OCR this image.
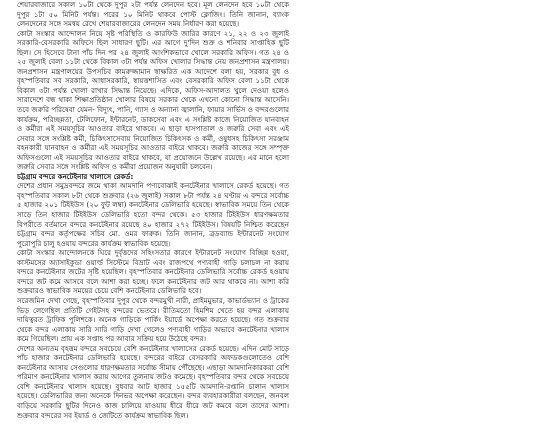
শেয়ারবাজারে সকাল ১০টা থেকে দুপুর ২টা পর্যন্ত লেনদেন হবে। মূল লেনদেন হবে ১০টা থেকে দুপুর ১টা ৫০ মিনিট পর্যন্ত। পরের ১০ মিনিট থাকবে পোস্ট ক্লোজিং। তিনি জানান, ব্যাংক লেনদেনের সঙ্গে সমন্বয় রেখে শেয়ারবাজারের লেনদেন সময় নির্ধারণ করা হয়েছে।

কোটা সংস্কার আন্দোলন নিয়ে সৃষ্ট পরিস্থিতি ও কারফিউ জারির কারণে ২১, ২২ ও ২৩ জুলাই সরকারি-বেসরকারি অফিসে ছিল সাধারণ ছুটি। এর আগে দু'দিন শুক্র ও শনিবার সাপ্তাহিক ছুটি ছিল। সে হিসেবে টানা পাঁচ দিন পর ২৪ জুলাই আংশিকভাবে খোলে সরকারি অফিস। গত ২৪ ও ২৫ জুলাই বেলা ১১টা থেকে বিকাল ৩টা পর্যন্ত অফিস খোলার সিদ্ধান্ত নেয় জনপ্রশাসন মন্ত্রণালয়। জনপ্রশাসন মন্ত্রণালয়ের উপসচিব কামরুজ্জামান স্বাক্ষরিত এক আদেশে বলা হয়, সরকার বুধ ও বৃহস্পতিবার সব সরকারি, আধাসরকারি, স্বায়ত্তশাসিত এবং বেসরকারি অফিস বেলা ১১টা থেকে বিকাল ৩টা পর্যন্ত খোলা রাখার সিদ্ধান্ত নিয়েছে। এদিকে, অফিস-আদালত খুলে দেওয়া হলেও সারাদেশে বন্ধ থাকা শিক্ষাপ্রতিষ্ঠান খোলার বিষয়ে সরকার থেকে এখনো কোনো সিদ্ধান্ত আসেনি। তবে জরুরি পরিষেবা যেমন- বিদ্যুৎ, পানি, গ্যাস ও অন্যান্য জ্বালানি, ফায়ার সার্ভিস ও বন্দরগুলোর কার্যক্রম, পরিচ্ছন্নতা, টেলিফোন, ইন্টারনেট, ডাকসেবা এবং এ সংশ্লিষ্ট কাজে নিয়োজিত যানবাহন ও কর্মীরা এই সময়সূচির আওতার বাইরে থাকবে। এ ছাড়া হাসপাতাল ও জরুরি সেবা এবং এই সেবার সঙ্গে সংশ্লিষ্ট কর্মী, চিকিৎসাসেবায় নিয়োজিত চিকিৎসক ও কর্মী, ওষুধসহ চিকিৎসা সরঞ্জাম বহনকারী যানবাহন ও কর্মীরা এই সময়সূচির আওতার বাইরে থাকবে। জরুরি কাজের সঙ্গে সম্পৃক্ত অফিসগুলো এই সময়সূচির আওতার বাইরে থাকবে, যা প্রয়োজনে উল্লেখ রয়েছে। এর মানে হলো জরুরি সেবার সঙ্গে সংশ্লিষ্ট অফিস ও কর্মীরা প্রয়োজন অনুযায়ী চলবেন।

চট্টগ্রাম বন্দরে কনটেইনার খালাসে রেকর্ড:

দেশের প্রধান সমুদ্রবন্দরে জমে থাকা আমদানি পণ্যবোঝাই কনটেইনার খালাসে রেকর্ড হয়েছে। গত বৃহস্পতিবার সকাল ৮টা থেকে শুক্রবার (২৬ জুলাই) সকাল ৮টা পর্যন্ত ২৪ ঘণ্টায় এ বন্দরে সর্বোচ্চ ৫ হাজার ২০১ টিইইউস (২০ ফুট লম্বা) কনটেইনার ডেলিভারি হয়েছে। স্বাভাবিক সময়ে তিন থেকে সাড়ে তিন হাজার টিইইউস ডেলিভারি হতো বন্দর থেকে। ৫৩ হাজার টিইইউস ধারণক্ষমতার বিপরীতে বর্তমানে বন্দরে কনটেইনার রয়েছে ৪০ হাজার ২৭২ টিইইউস। বিষয়টি নিশ্চিত করেছেন চট্টগ্রাম বন্দর কর্তৃপক্ষের সচিব মো. ওমর ফারুক। তিনি জানান, ব্রডব্যান্ড ইন্টারনেট সংযোগ পুরোপুরি চালু হওয়ায় বন্দরের কার্যক্রম স্বাভাবিক হয়েছে।

কোটা সংস্কার আন্দোলনকে ঘিরে দুর্বৃত্তদের সহিংসতার কারণে ইন্টারনেট সংযোগ বিচ্ছিন্ন হওয়া, কাস্টমসের অ্যাসাইকুডা ওয়ার্ল্ড সিস্টেমে বিভ্রাট এবং রাজপথে পণ্যবাহী গাড়ি চলাচল না করায় বন্দরে কনটেইনার জটের সৃষ্টি হয়েছিল। বৃহস্পতিবার কনটেইনার ডেলিভারি সর্বোচ্চ রেকর্ড হওয়ায় বন্দরে জট কমে আসবে বলে আশা করা হচ্ছে। ফলে কনটেইনার জট আর থাকবে না। আশা করি শুক্রবারও স্বাভাবিক সময়ের চেয়ে বেশি কনটেইনার ডেলিভারি হবে।

সরেজমিন দেখা গেছে, বৃহস্পতিবার দুপুর থেকে বন্দরমুখী নারী, প্রাইমমুভার, কাভার্ডভ্যান ও ট্রাকের ভিড় লেগেছিল প্রতিটি গেইটসহ বন্দরের ভেতরে। রীতিমতো হিমশিম খেতে হয় বন্দর এলাকায় দায়িত্বরত ট্রাফিক পুলিশকে। অনেক গাড়িকে পার্কিং ইয়ার্ডে অপেক্ষা করতে হয়েছে। গত শুক্রবার থেকে বন্দর এলাকায় সারি সারি গাড়ি দেখা গেলেও পণ্যবাহী গাড়ির অভাবে কনটেইনার খালাস কমে গিয়েছিল। প্রায় এক সপ্তাহ পর আবার সক্রিয় হয়ে উঠেছে বন্দর।

দেশের অন্যতম বৃহত্তম বন্দরে সবচেয়ে বেশি কনটেইনার খালাসের রেকর্ড হয়েছে। এদিন মোট সাড়ে পাঁচ হাজার কনটেইনার ডেলিভারি হয়েছে। বন্দরের বাইরে বেসরকারি অফডকগুলোতেও বেশি কনটেইনার আসায় সেগুলোর ধারণক্ষমতার সর্বোচ্চ সীমায় পৌঁছেছে। এছাড়া আমদানিকারকরা বেশি পরিমাণ কনটেইনার খালাস করায় আগের তুলনায় জটও কমেছে। বৃহস্পতিবার বন্দর থেকে সবচেয়ে বেশি কনটেইনার খালাস হয়েছে। বুধবার আট হাজার ১৫৫টি আমদানি-রপ্তানি চালান খালাস হয়েছে। ডেলিভারির জন্য অনেকে দিনভর অপেক্ষা করেছেন। বন্দর ব্যবহারকারীরা বলছেন, জনবল বাড়িয়ে সরকারি ছুটির দিনেও কাজ চালিয়ে যাওয়ায় ধীরে ধীরে জট কমবে বলে তাদের আশা। শুক্রবার বন্দরের সব ইয়ার্ড ও জেটিতে কার্যক্রম স্বাভাবিক ছিল।
